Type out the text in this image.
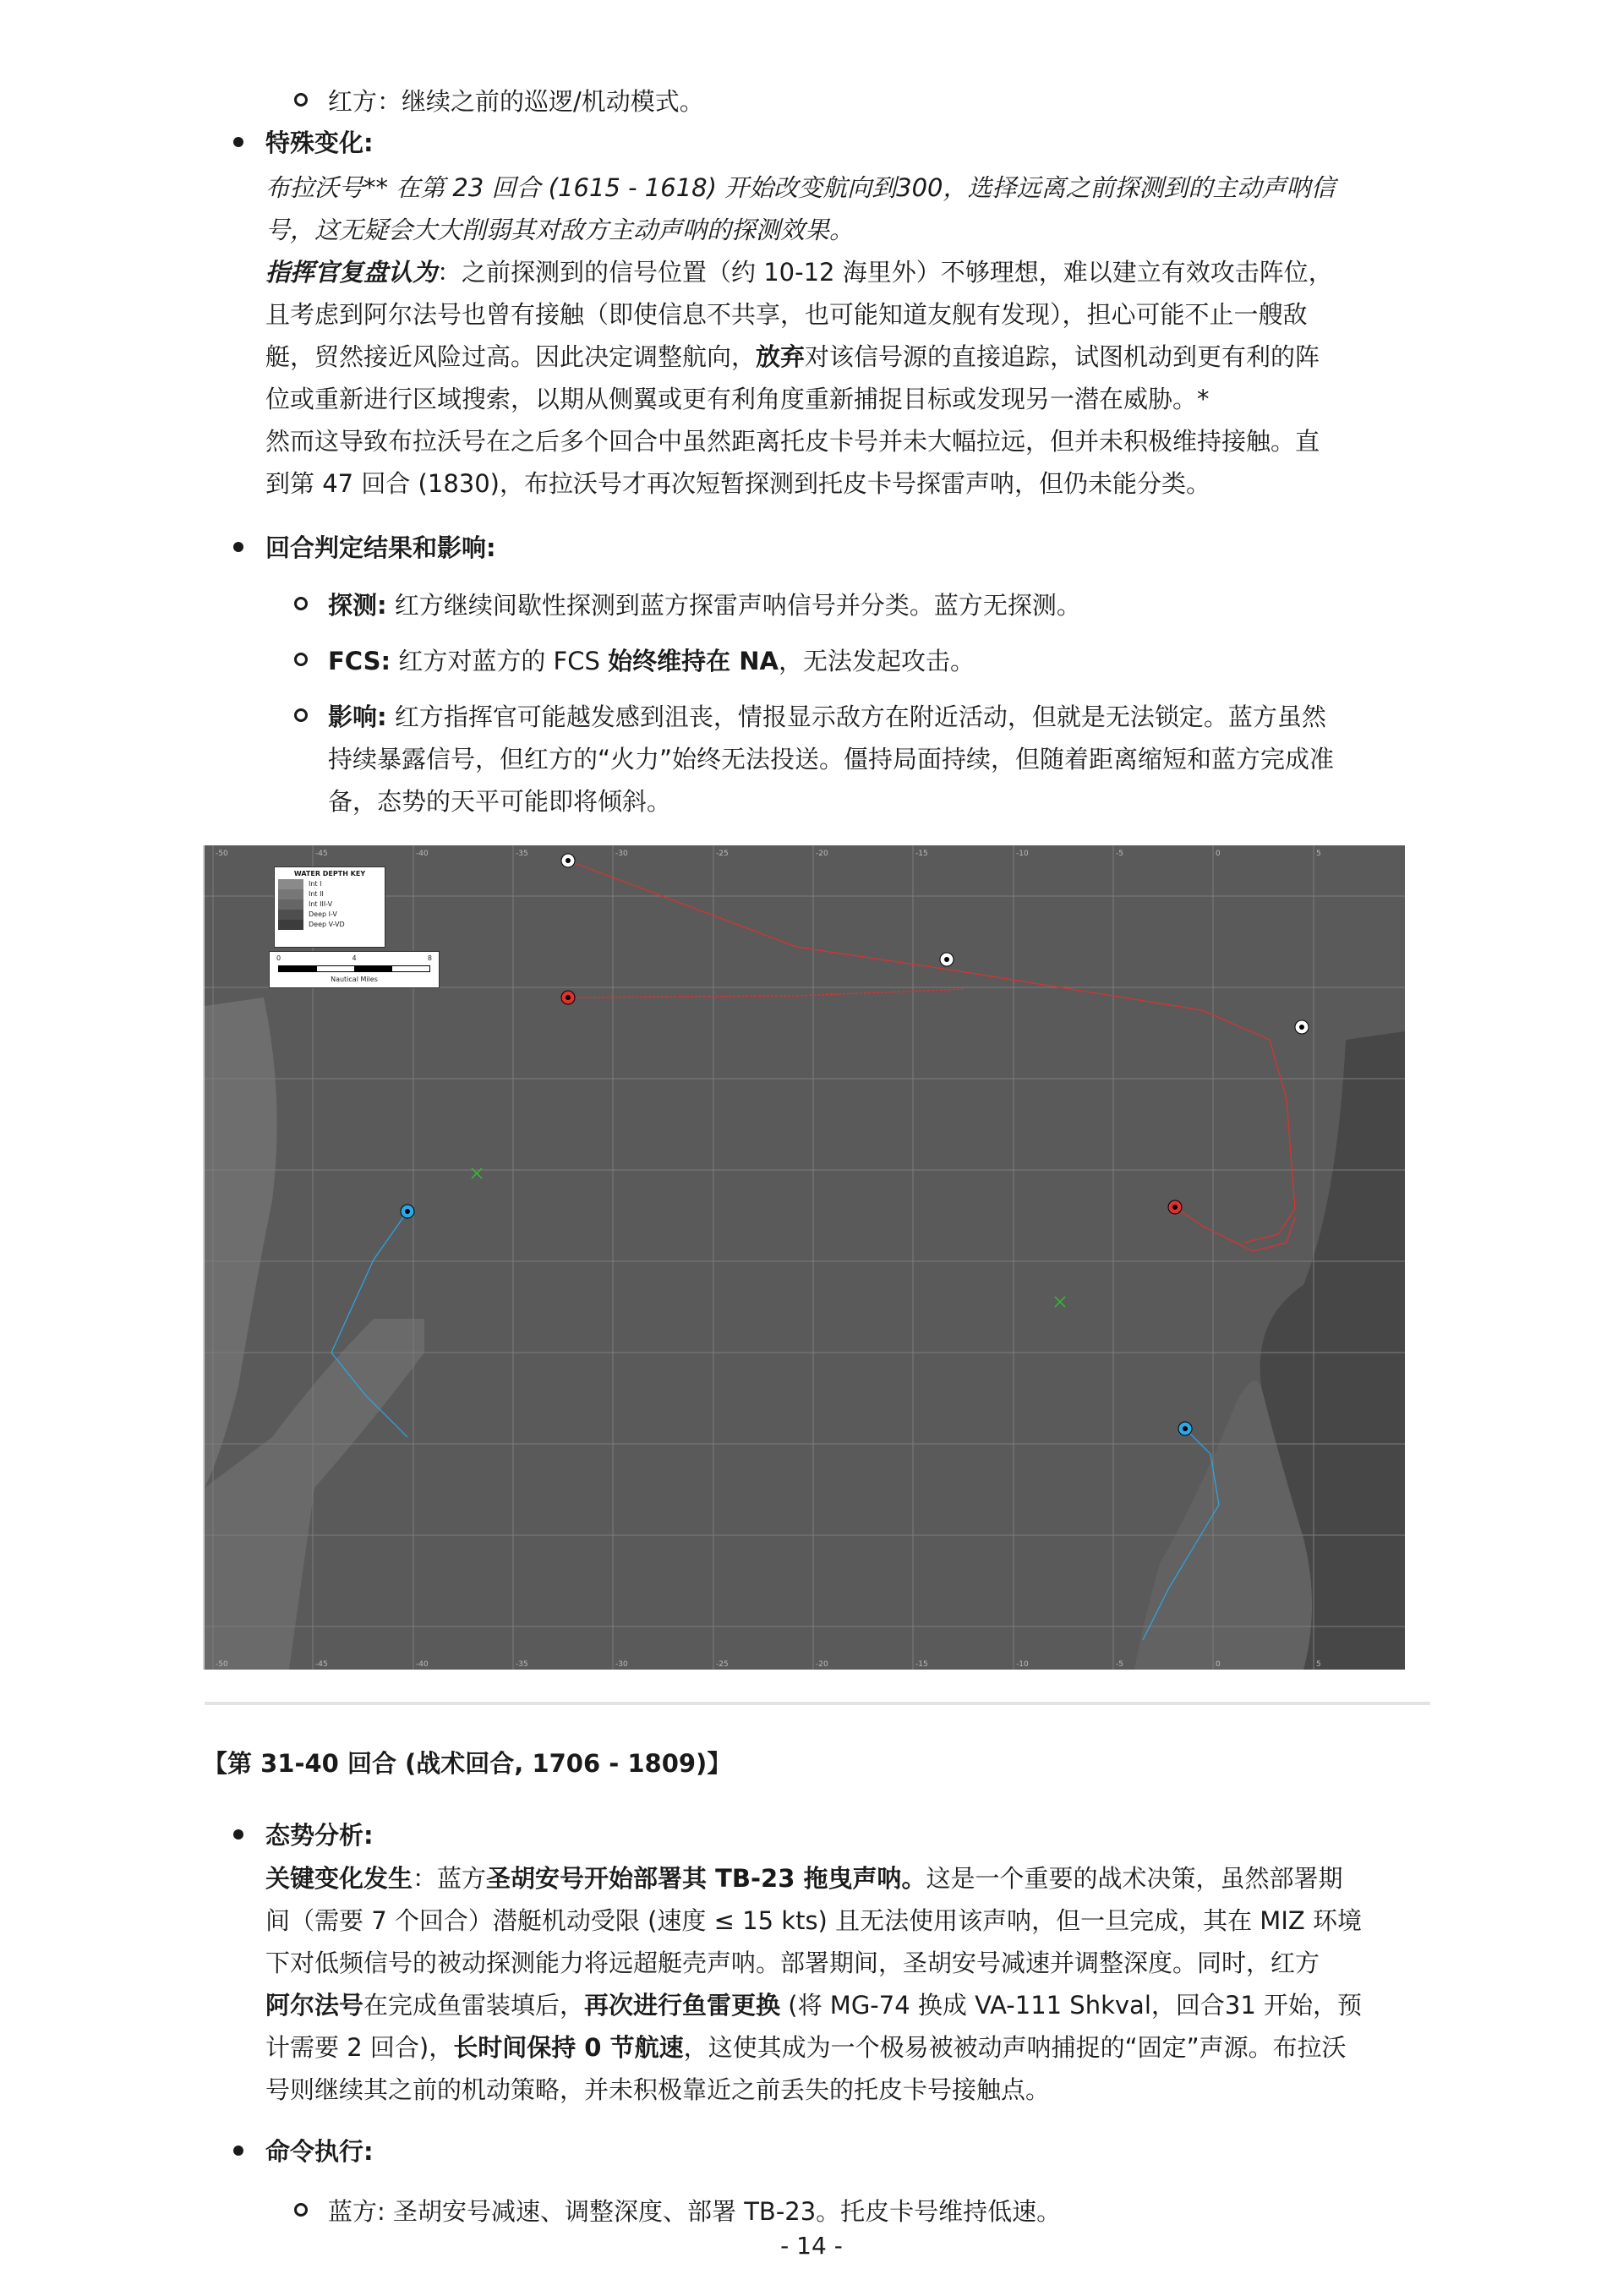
红方：继续之前的巡逻/机动模式。
特殊变化:
布拉沃号** 在第 23 回合 (1615 - 1618) 开始改变航向到300，选择远离之前探测到的主动声呐信
号，这无疑会大大削弱其对敌方主动声呐的探测效果。
指挥官复盘认为：之前探测到的信号位置（约 10-12 海里外）不够理想，难以建立有效攻击阵位，
且考虑到阿尔法号也曾有接触（即使信息不共享，也可能知道友舰有发现），担心可能不止一艘敌
艇，贸然接近风险过高。因此决定调整航向，放弃对该信号源的直接追踪，试图机动到更有利的阵
位或重新进行区域搜索，以期从侧翼或更有利角度重新捕捉目标或发现另一潜在威胁。*
然而这导致布拉沃号在之后多个回合中虽然距离托皮卡号并未大幅拉远，但并未积极维持接触。直
到第 47 回合 (1830)，布拉沃号才再次短暂探测到托皮卡号探雷声呐，但仍未能分类。
回合判定结果和影响:
探测: 红方继续间歇性探测到蓝方探雷声呐信号并分类。蓝方无探测。
FCS: 红方对蓝方的 FCS 始终维持在 NA，无法发起攻击。
影响: 红方指挥官可能越发感到沮丧，情报显示敌方在附近活动，但就是无法锁定。蓝方虽然
持续暴露信号，但红方的“火力”始终无法投送。僵持局面持续，但随着距离缩短和蓝方完成准
备，态势的天平可能即将倾斜。
-50
-50
-45
-45
-40
-40
-35
-35
-30
-30
-25
-25
-20
-20
-15
-15
-10
-10
-5
-5
0
0
5
5
WATER DEPTH KEY
Int I
Int II
Int III-V
Deep I-V
Deep V-VD
0	4	8
Nautical Miles
【第 31-40 回合 (战术回合, 1706 - 1809)】
态势分析:
关键变化发生：蓝方圣胡安号开始部署其 TB-23 拖曳声呐。这是一个重要的战术决策，虽然部署期
间（需要 7 个回合）潜艇机动受限 (速度 ≤ 15 kts) 且无法使用该声呐，但一旦完成，其在 MIZ 环境
下对低频信号的被动探测能力将远超艇壳声呐。部署期间，圣胡安号减速并调整深度。同时，红方
阿尔法号在完成鱼雷装填后，再次进行鱼雷更换 (将 MG-74 换成 VA-111 Shkval，回合31 开始，预
计需要 2 回合)，长时间保持 0 节航速，这使其成为一个极易被被动声呐捕捉的“固定”声源。布拉沃
号则继续其之前的机动策略，并未积极靠近之前丢失的托皮卡号接触点。
命令执行:
蓝方: 圣胡安号减速、调整深度、部署 TB-23。托皮卡号维持低速。
- 14 -
